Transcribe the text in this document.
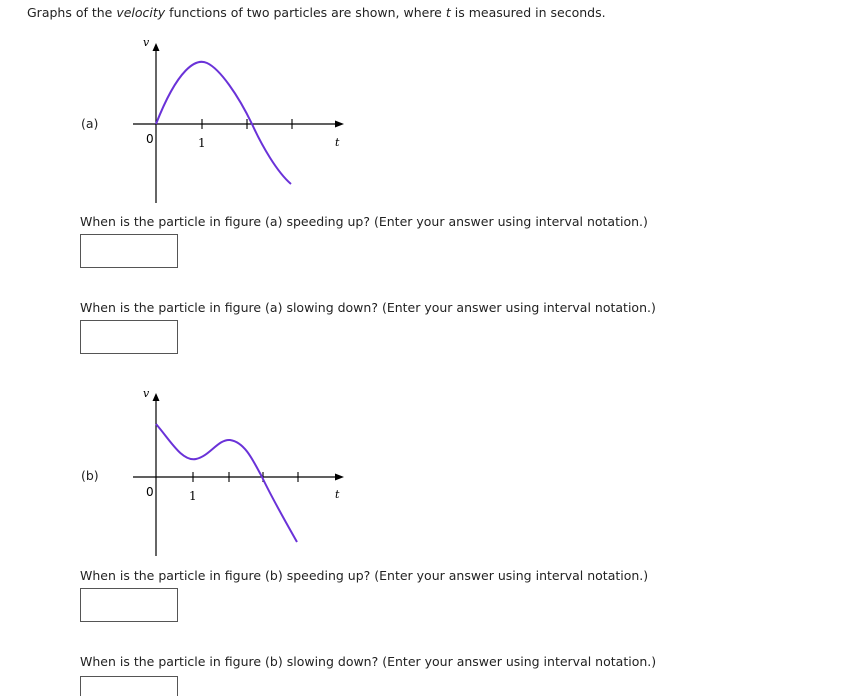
Graphs of the velocity functions of two particles are shown, where t is measured in seconds.
(a)
v
t
0	1
When is the particle in figure (a) speeding up? (Enter your answer using interval notation.)
When is the particle in figure (a) slowing down? (Enter your answer using interval notation.)
(b)
v
t
0	1
When is the particle in figure (b) speeding up? (Enter your answer using interval notation.)
When is the particle in figure (b) slowing down? (Enter your answer using interval notation.)
